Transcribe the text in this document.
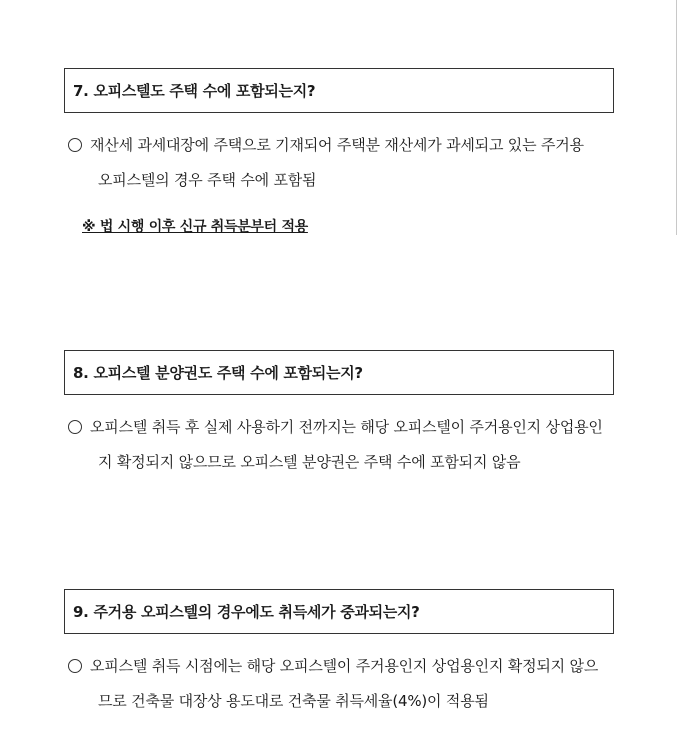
7. 오피스텔도 주택 수에 포함되는지?
재산세 과세대장에 주택으로 기재되어 주택분 재산세가 과세되고 있는 주거용
오피스텔의 경우 주택 수에 포함됨
※ 법 시행 이후 신규 취득분부터 적용
8. 오피스텔 분양권도 주택 수에 포함되는지?
오피스텔 취득 후 실제 사용하기 전까지는 해당 오피스텔이 주거용인지 상업용인
지 확정되지 않으므로 오피스텔 분양권은 주택 수에 포함되지 않음
9. 주거용 오피스텔의 경우에도 취득세가 중과되는지?
오피스텔 취득 시점에는 해당 오피스텔이 주거용인지 상업용인지 확정되지 않으
므로 건축물 대장상 용도대로 건축물 취득세율(4%)이 적용됨
